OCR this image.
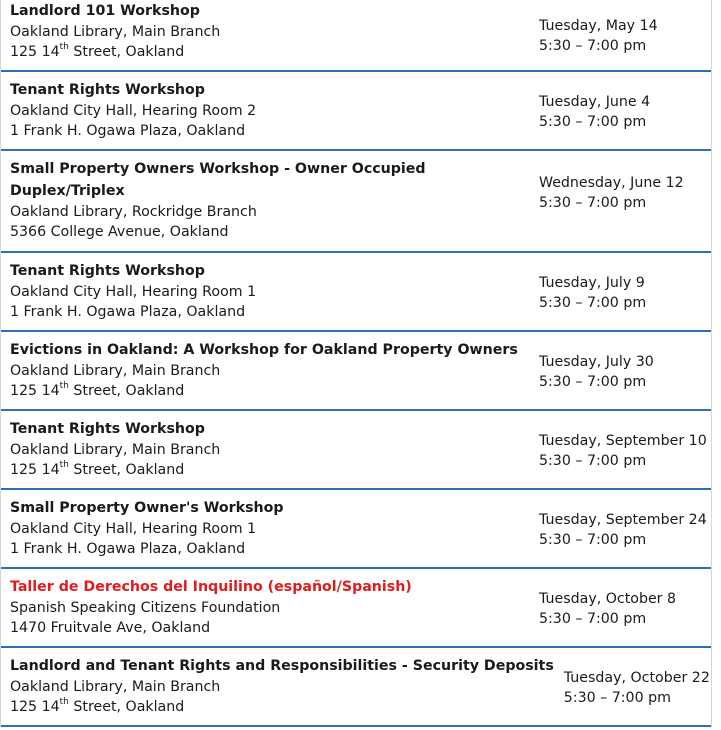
Landlord 101 Workshop
Oakland Library, Main Branch
125 14th Street, Oakland
Tuesday, May 14
5:30 – 7:00 pm
Tenant Rights Workshop
Oakland City Hall, Hearing Room 2
1 Frank H. Ogawa Plaza, Oakland
Tuesday, June 4
5:30 – 7:00 pm
Small Property Owners Workshop - Owner Occupied Duplex/Triplex
Oakland Library, Rockridge Branch
5366 College Avenue, Oakland
Wednesday, June 12
5:30 – 7:00 pm
Tenant Rights Workshop
Oakland City Hall, Hearing Room 1
1 Frank H. Ogawa Plaza, Oakland
Tuesday, July 9
5:30 – 7:00 pm
Evictions in Oakland: A Workshop for Oakland Property Owners
Oakland Library, Main Branch
125 14th Street, Oakland
Tuesday, July 30
5:30 – 7:00 pm
Tenant Rights Workshop
Oakland Library, Main Branch
125 14th Street, Oakland
Tuesday, September 10
5:30 – 7:00 pm
Small Property Owner's Workshop
Oakland City Hall, Hearing Room 1
1 Frank H. Ogawa Plaza, Oakland
Tuesday, September 24
5:30 – 7:00 pm
Taller de Derechos del Inquilino (español/Spanish)
Spanish Speaking Citizens Foundation
1470 Fruitvale Ave, Oakland
Tuesday, October 8
5:30 – 7:00 pm
Landlord and Tenant Rights and Responsibilities - Security Deposits
Oakland Library, Main Branch
125 14th Street, Oakland
Tuesday, October 22
5:30 – 7:00 pm
